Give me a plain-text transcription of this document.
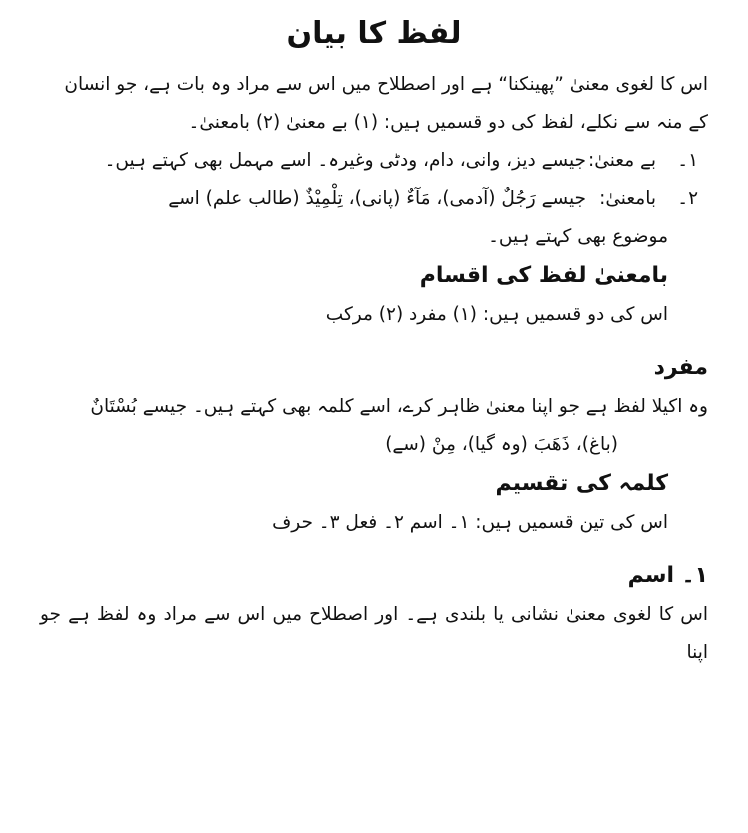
لفظ کا بیان

اس کا لغوی معنیٰ ”پھینکنا“ ہے اور اصطلاح میں اس سے مراد وہ بات ہے، جو انسان

کے منہ سے نکلے، لفظ کی دو قسمیں ہیں: (۱) بے معنیٰ (۲) بامعنیٰ۔

۱۔
بے معنیٰ:
جیسے دیز، وانی، دام، ودٹی وغیرہ۔ اسے مہمل بھی کہتے ہیں۔
۲۔
بامعنیٰ:
جیسے رَجُلٌ (آدمی)، مَآءٌ (پانی)، تِلْمِیْذٌ (طالب علم) اسے

موضوع بھی کہتے ہیں۔

بامعنیٰ لفظ کی اقسام

اس کی دو قسمیں ہیں: (۱) مفرد (۲) مرکب

مفرد

وہ اکیلا لفظ ہے جو اپنا معنیٰ ظاہر کرے، اسے کلمہ بھی کہتے ہیں۔ جیسے بُسْتَانٌ

(باغ)، ذَهَبَ (وہ گیا)، مِنْ (سے)

کلمہ کی تقسیم

اس کی تین قسمیں ہیں: ۱۔ اسم ۲۔ فعل ۳۔ حرف

۱۔ اسم

اس کا لغوی معنیٰ نشانی یا بلندی ہے۔ اور اصطلاح میں اس سے مراد وہ لفظ ہے جو اپنا
